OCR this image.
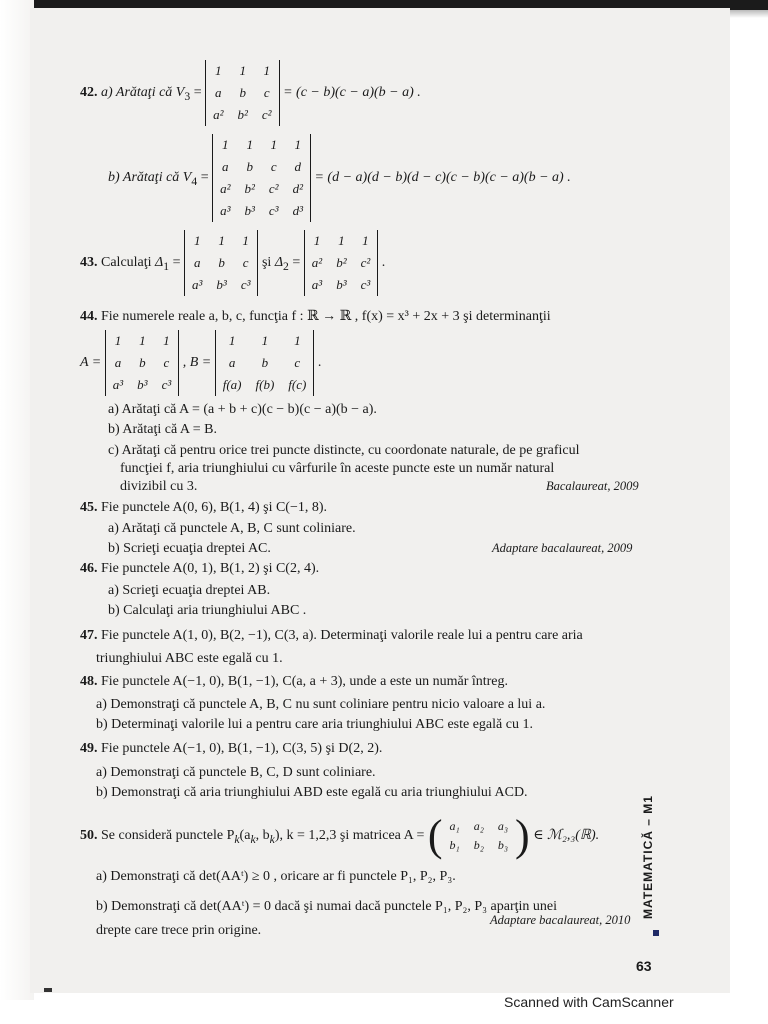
42. a) Arătaţi că $V_3 = 1$	1	1
a	b	c
a²	b²	c² = (c − b)(c − a)(b − a) .
b) Arătaţi că $V_4 = 1$	1	1	1
a	b	c	d
a²	b²	c²	d²
a³	b³	c³	d³ = (d − a)(d − b)(d − c)(c − b)(c − a)(b − a) .
43. Calculaţi $\Delta_1 = 1$	1	1
a	b	c
a³	b³	c³ şi $\Delta_2 = 1$	1	1
a²	b²	c²
a³	b³	c³ .
44. Fie numerele reale a, b, c, funcţia f : ℝ → ℝ , f(x) = x³ + 2x + 3 şi determinanţii
A = 1	1	1
a	b	c
a³	b³	c³ , B = 1	1	1
a	b	c
f(a)	f(b)	f(c) .
a) Arătaţi că A = (a + b + c)(c − b)(c − a)(b − a).
b) Arătaţi că A = B.
c) Arătaţi că pentru orice trei puncte distincte, cu coordonate naturale, de pe graficul
funcţiei f, aria triunghiului cu vârfurile în aceste puncte este un număr natural
divizibil cu 3.	Bacalaureat, 2009
45. Fie punctele A(0, 6), B(1, 4) şi C(−1, 8).
a) Arătaţi că punctele A, B, C sunt coliniare.
b) Scrieţi ecuaţia dreptei AC.	Adaptare bacalaureat, 2009
46. Fie punctele A(0, 1), B(1, 2) şi C(2, 4).
a) Scrieţi ecuaţia dreptei AB.
b) Calculaţi aria triunghiului ABC .
47. Fie punctele A(1, 0), B(2, −1), C(3, a). Determinaţi valorile reale lui a pentru care aria
triunghiului ABC este egală cu 1.
48. Fie punctele A(−1, 0), B(1, −1), C(a, a + 3), unde a este un număr întreg.
a) Demonstraţi că punctele A, B, C nu sunt coliniare pentru nicio valoare a lui a.
b) Determinaţi valorile lui a pentru care aria triunghiului ABC este egală cu 1.
49. Fie punctele A(−1, 0), B(1, −1), C(3, 5) şi D(2, 2).
a) Demonstraţi că punctele B, C, D sunt coliniare.
b) Demonstraţi că aria triunghiului ABD este egală cu aria triunghiului ACD.
50. Se consideră punctele $P_k(a_k$, $b_k$), k = 1,2,3 şi matricea A = ( a₁	a₂	a₃
b₁	b₂	b₃ ) ∈ ℳ₂,₃(ℝ).
a) Demonstraţi că det(AAᵗ) ≥ 0 , oricare ar fi punctele P₁, P₂, P₃.
b) Demonstraţi că det(AAᵗ) = 0 dacă şi numai dacă punctele P₁, P₂, P₃ aparţin unei
drepte care trece prin origine.
Adaptare bacalaureat, 2010
MATEMATICĂ – M1
63
Scanned with CamScanner
